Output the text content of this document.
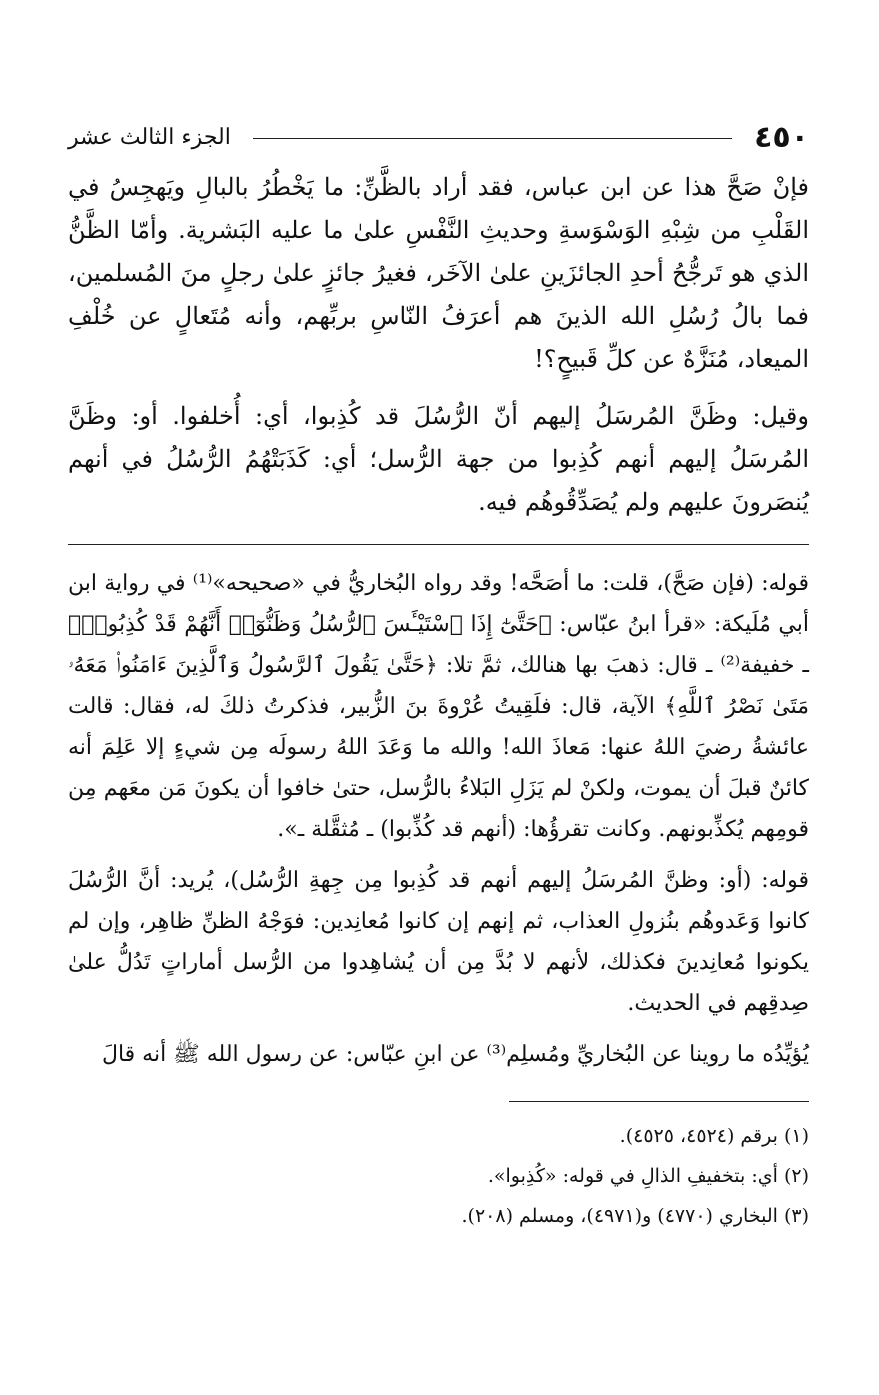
٤٥٠
الجزء الثالث عشر

فإنْ صَحَّ هذا عن ابن عباس، فقد أراد بالظَّنِّ: ما يَخْطُرُ بالبالِ ويَهجِسُ في القَلْبِ من شِبْهِ الوَسْوَسةِ وحديثِ النَّفْسِ علىٰ ما عليه البَشرية. وأمّا الظَّنُّ الذي هو تَرجُّحُ أحدِ الجائزَينِ علىٰ الآخَر، فغيرُ جائزٍ علىٰ رجلٍ منَ المُسلمين، فما بالُ رُسُلِ الله الذينَ هم أعرَفُ النّاسِ بربِّهم، وأنه مُتَعالٍ عن خُلْفِ الميعاد، مُنَزَّهٌ عن كلِّ قَبيحٍ؟!

وقيل: وظَنَّ المُرسَلُ إليهم أنّ الرُّسُلَ قد كُذِبوا، أي: أُخلفوا. أو: وظَنَّ المُرسَلُ إليهم أنهم كُذِبوا من جهة الرُّسل؛ أي: كَذَبَتْهُمُ الرُّسُلُ في أنهم يُنصَرونَ عليهم ولم يُصَدِّقُوهُم فيه.

قوله: (فإن صَحَّ)، قلت: ما أصَحَّه! وقد رواه البُخاريُّ في «صحيحه»⁽¹⁾ في رواية ابن أبي مُلَيكة: «قرأ ابنُ عبّاس: ﴿حَتَّىٰٓ إِذَا ٱسْتَيْـَٔسَ ٱلرُّسُلُ وَظَنُّوٓا۟ أَنَّهُمْ قَدْ كُذِبُوا۟﴾ ـ خفيفة⁽²⁾ ـ قال: ذهبَ بها هنالك، ثمَّ تلا: ﴿حَتَّىٰ يَقُولَ ٱلرَّسُولُ وَٱلَّذِينَ ءَامَنُوا۟ مَعَهُۥ مَتَىٰ نَصْرُ ٱللَّهِ﴾ الآية، قال: فلَقِيتُ عُرْوةَ بنَ الزُّبير، فذكرتُ ذلكَ له، فقال: قالت عائشةُ رضيَ اللهُ عنها: مَعاذَ الله! والله ما وَعَدَ اللهُ رسولَه مِن شيءٍ إلا عَلِمَ أنه كائنٌ قبلَ أن يموت، ولكنْ لم يَزَلِ البَلاءُ بالرُّسل، حتىٰ خافوا أن يكونَ مَن معَهم مِن قومِهم يُكذِّبونهم. وكانت تقرؤُها: (أنهم قد كُذِّبوا) ـ مُثقَّلة ـ».

قوله: (أو: وظنَّ المُرسَلُ إليهم أنهم قد كُذِبوا مِن جِهةِ الرُّسُل)، يُريد: أنَّ الرُّسُلَ كانوا وَعَدوهُم بنُزولِ العذاب، ثم إنهم إن كانوا مُعانِدين: فوَجْهُ الظنِّ ظاهِر، وإن لم يكونوا مُعانِدينَ فكذلك، لأنهم لا بُدَّ مِن أن يُشاهِدوا من الرُّسل أماراتٍ تَدُلُّ علىٰ صِدقِهم في الحديث.

يُؤيِّدُه ما روينا عن البُخاريِّ ومُسلِم⁽³⁾ عن ابنِ عبّاس: عن رسول الله ﷺ أنه قالَ

(١) برقم (٤٥٢٤، ٤٥٢٥).

(٢) أي: بتخفيفِ الذالِ في قوله: «كُذِبوا».

(٣) البخاري (٤٧٧٠) و(٤٩٧١)، ومسلم (٢٠٨).
